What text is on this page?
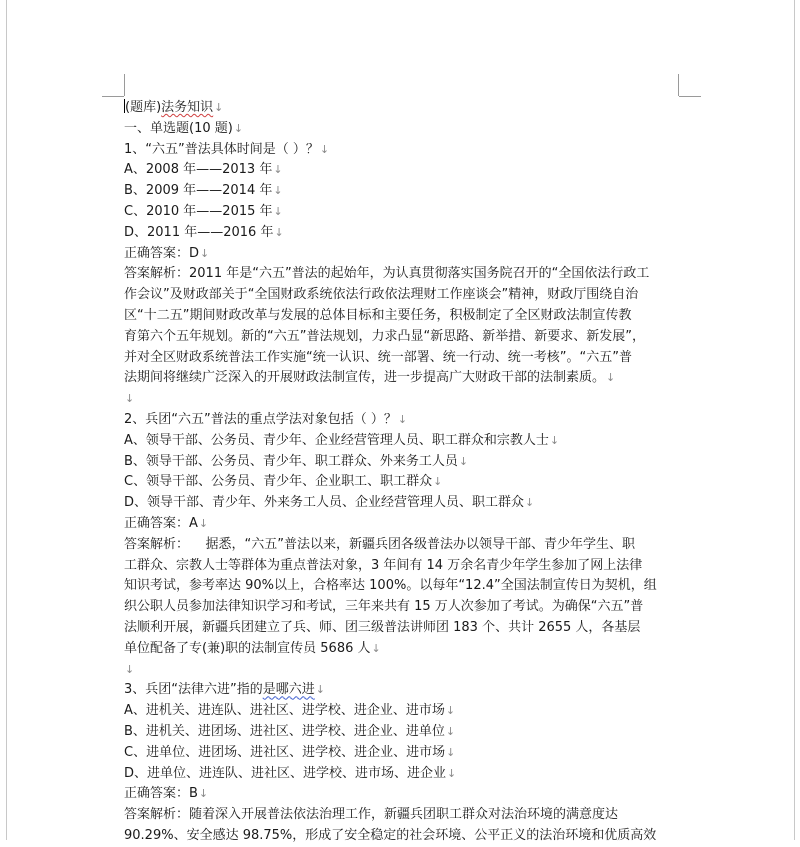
(题库)法务知识↓
一、单选题(10 题)↓
1、“六五”普法具体时间是（ ）？↓
A、2008 年——2013 年↓
B、2009 年——2014 年↓
C、2010 年——2015 年↓
D、2011 年——2016 年↓
正确答案：D↓
答案解析：2011 年是“六五”普法的起始年，为认真贯彻落实国务院召开的“全国依法行政工
作会议”及财政部关于“全国财政系统依法行政依法理财工作座谈会”精神，财政厅围绕自治
区“十二五”期间财政改革与发展的总体目标和主要任务，积极制定了全区财政法制宣传教
育第六个五年规划。新的“六五”普法规划，力求凸显“新思路、新举措、新要求、新发展”，
并对全区财政系统普法工作实施“统一认识、统一部署、统一行动、统一考核”。“六五”普
法期间将继续广泛深入的开展财政法制宣传，进一步提高广大财政干部的法制素质。↓
↓
2、兵团“六五”普法的重点学法对象包括（ ）？↓
A、领导干部、公务员、青少年、企业经营管理人员、职工群众和宗教人士↓
B、领导干部、公务员、青少年、职工群众、外来务工人员↓
C、领导干部、公务员、青少年、企业职工、职工群众↓
D、领导干部、青少年、外来务工人员、企业经营管理人员、职工群众↓
正确答案：A↓
答案解析：    据悉，“六五”普法以来，新疆兵团各级普法办以领导干部、青少年学生、职
工群众、宗教人士等群体为重点普法对象，3 年间有 14 万余名青少年学生参加了网上法律
知识考试，参考率达 90%以上，合格率达 100%。以每年“12.4”全国法制宣传日为契机，组
织公职人员参加法律知识学习和考试，三年来共有 15 万人次参加了考试。为确保“六五”普
法顺利开展，新疆兵团建立了兵、师、团三级普法讲师团 183 个、共计 2655 人，各基层
单位配备了专(兼)职的法制宣传员 5686 人↓
↓
3、兵团“法律六进”指的是哪六进↓
A、进机关、进连队、进社区、进学校、进企业、进市场↓
B、进机关、进团场、进社区、进学校、进企业、进单位↓
C、进单位、进团场、进社区、进学校、进企业、进市场↓
D、进单位、进连队、进社区、进学校、进市场、进企业↓
正确答案：B↓
答案解析：随着深入开展普法依法治理工作，新疆兵团职工群众对法治环境的满意度达
90.29%、安全感达 98.75%，形成了安全稳定的社会环境、公平正义的法治环境和优质高效
